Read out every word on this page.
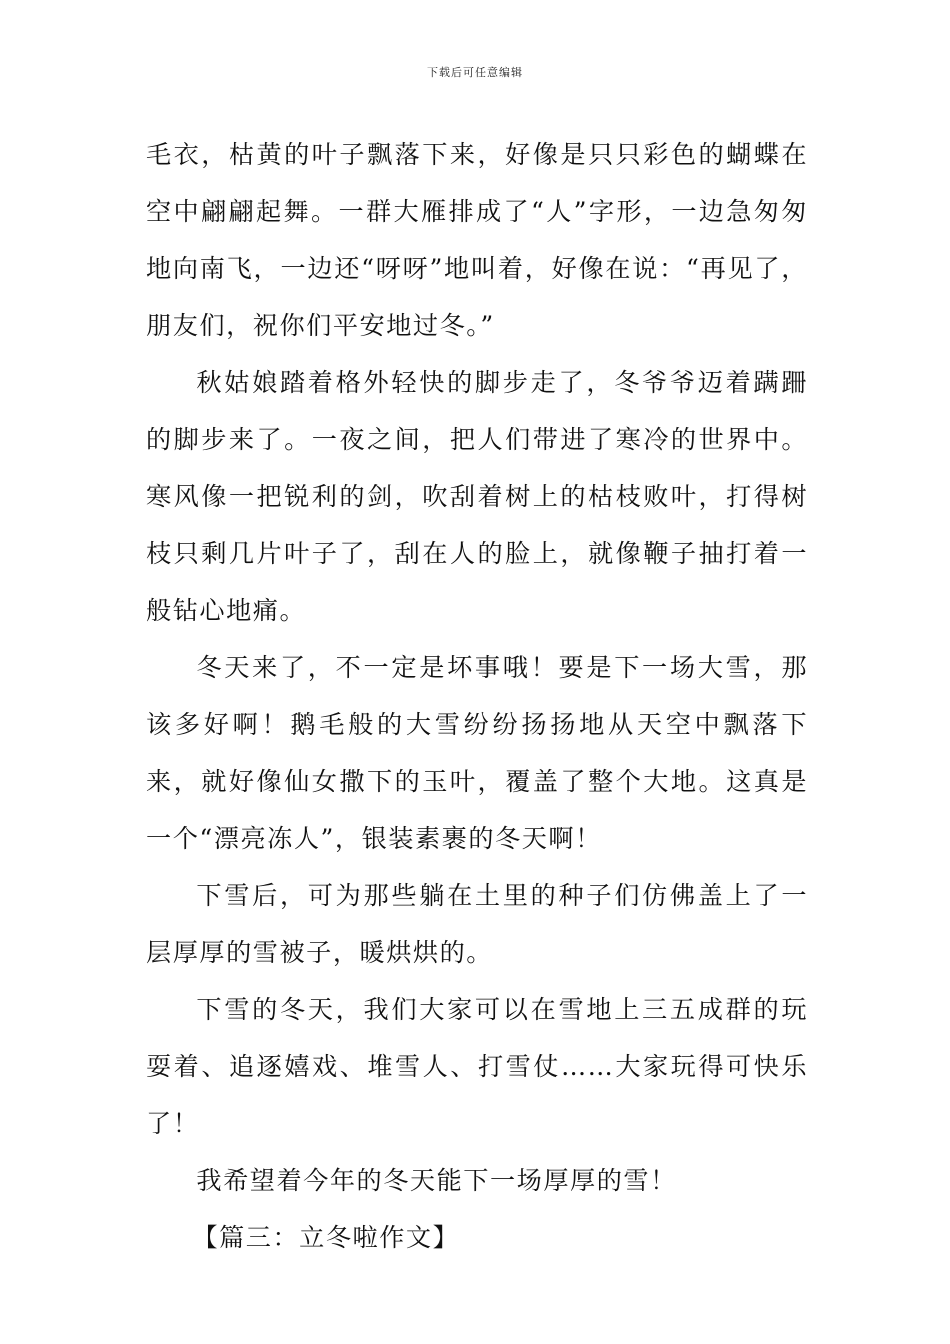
下载后可任意编辑

毛衣，枯黄的叶子飘落下来，好像是只只彩色的蝴蝶在空中翩翩起舞。一群大雁排成了“人”字形，一边急匆匆地向南飞，一边还“呀呀”地叫着，好像在说：“再见了，朋友们，祝你们平安地过冬。”

秋姑娘踏着格外轻快的脚步走了，冬爷爷迈着蹒跚的脚步来了。一夜之间，把人们带进了寒冷的世界中。寒风像一把锐利的剑，吹刮着树上的枯枝败叶，打得树枝只剩几片叶子了，刮在人的脸上，就像鞭子抽打着一般钻心地痛。

冬天来了，不一定是坏事哦！要是下一场大雪，那该多好啊！鹅毛般的大雪纷纷扬扬地从天空中飘落下来，就好像仙女撒下的玉叶，覆盖了整个大地。这真是一个“漂亮冻人”，银装素裹的冬天啊！

下雪后，可为那些躺在土里的种子们仿佛盖上了一层厚厚的雪被子，暖烘烘的。

下雪的冬天，我们大家可以在雪地上三五成群的玩耍着、追逐嬉戏、堆雪人、打雪仗……大家玩得可快乐了！

我希望着今年的冬天能下一场厚厚的雪！

【篇三：立冬啦作文】
